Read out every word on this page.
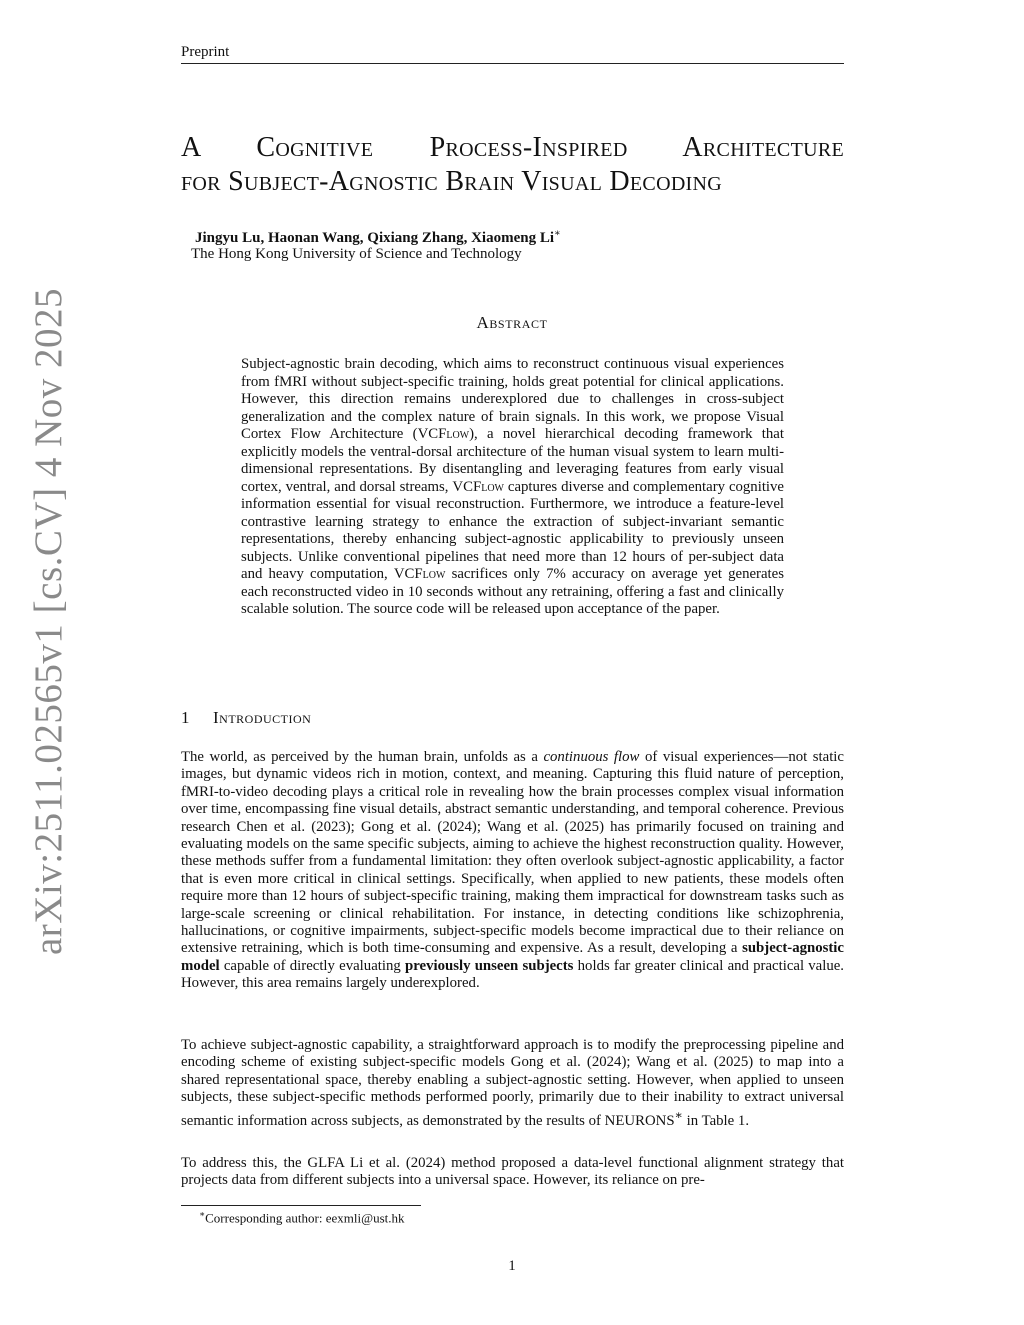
Preprint
A Cognitive Process-Inspired Architecture
for Subject-Agnostic Brain Visual Decoding
Jingyu Lu, Haonan Wang, Qixiang Zhang, Xiaomeng Li∗
The Hong Kong University of Science and Technology
Abstract
Subject-agnostic brain decoding, which aims to reconstruct continuous visual experiences from fMRI without subject-specific training, holds great potential for clinical applications. However, this direction remains underexplored due to challenges in cross-subject generalization and the complex nature of brain signals. In this work, we propose Visual Cortex Flow Architecture (VCFlow), a novel hierarchical decoding framework that explicitly models the ventral-dorsal architecture of the human visual system to learn multi-dimensional representations. By disentangling and leveraging features from early visual cortex, ventral, and dorsal streams, VCFlow captures diverse and complementary cognitive information essential for visual reconstruction. Furthermore, we introduce a feature-level contrastive learning strategy to enhance the extraction of subject-invariant semantic representations, thereby enhancing subject-agnostic applicability to previously unseen subjects. Unlike conventional pipelines that need more than 12 hours of per-subject data and heavy computation, VCFlow sacrifices only 7% accuracy on average yet generates each reconstructed video in 10 seconds without any retraining, offering a fast and clinically scalable solution. The source code will be released upon acceptance of the paper.
arXiv:2511.02565v1 [cs.CV] 4 Nov 2025	1 Introduction
The world, as perceived by the human brain, unfolds as a continuous flow of visual experiences—not static images, but dynamic videos rich in motion, context, and meaning. Capturing this fluid nature of perception, fMRI-to-video decoding plays a critical role in revealing how the brain processes complex visual information over time, encompassing fine visual details, abstract semantic understanding, and temporal coherence. Previous research Chen et al. (2023); Gong et al. (2024); Wang et al. (2025) has primarily focused on training and evaluating models on the same specific subjects, aiming to achieve the highest reconstruction quality. However, these methods suffer from a fundamental limitation: they often overlook subject-agnostic applicability, a factor that is even more critical in clinical settings. Specifically, when applied to new patients, these models often require more than 12 hours of subject-specific training, making them impractical for downstream tasks such as large-scale screening or clinical rehabilitation. For instance, in detecting conditions like schizophrenia, hallucinations, or cognitive impairments, subject-specific models become impractical due to their reliance on extensive retraining, which is both time-consuming and expensive. As a result, developing a subject-agnostic model capable of directly evaluating previously unseen subjects holds far greater clinical and practical value. However, this area remains largely underexplored.
To achieve subject-agnostic capability, a straightforward approach is to modify the preprocessing pipeline and encoding scheme of existing subject-specific models Gong et al. (2024); Wang et al. (2025) to map into a shared representational space, thereby enabling a subject-agnostic setting. However, when applied to unseen subjects, these subject-specific methods performed poorly, primarily due to their inability to extract universal semantic information across subjects, as demonstrated by the results of NEURONS∗ in Table 1.
To address this, the GLFA Li et al. (2024) method proposed a data-level functional alignment strategy that projects data from different subjects into a universal space. However, its reliance on pre-
∗Corresponding author: eexmli@ust.hk
1
